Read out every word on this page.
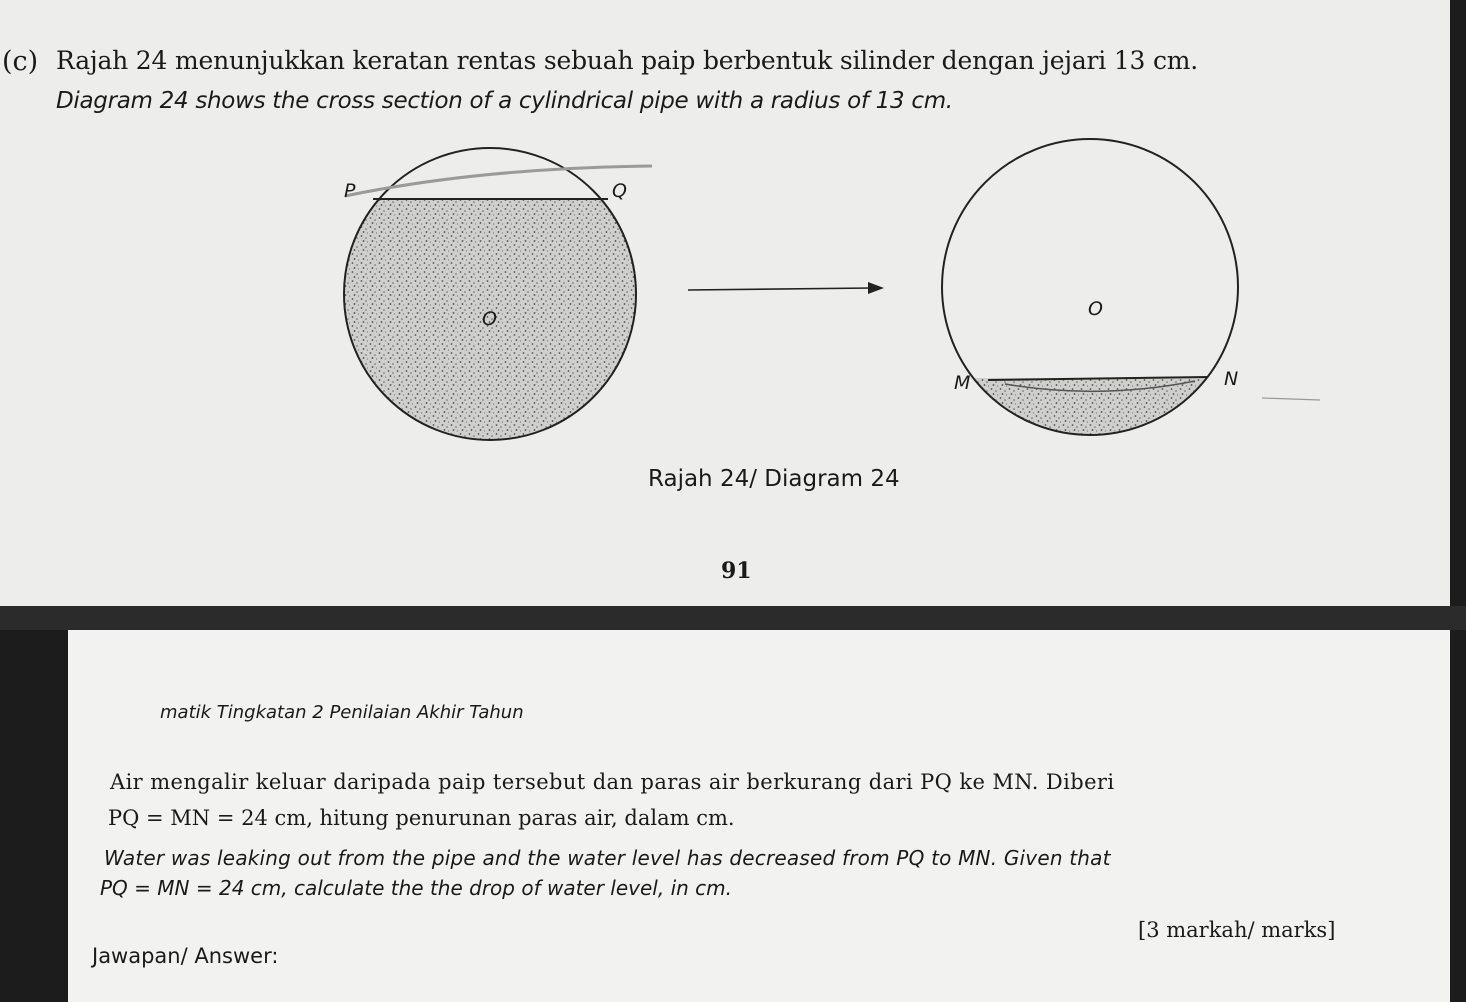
(c) Rajah 24 menunjukkan keratan rentas sebuah paip berbentuk silinder dengan jejari 13 cm.
Diagram 24 shows the cross section of a cylindrical pipe with a radius of 13 cm.
P	Q
O	O
M	N
Rajah 24/ Diagram 24
91
matik Tingkatan 2 Penilaian Akhir Tahun
Air mengalir keluar daripada paip tersebut dan paras air berkurang dari PQ ke MN. Diberi
PQ = MN = 24 cm, hitung penurunan paras air, dalam cm.
Water was leaking out from the pipe and the water level has decreased from PQ to MN. Given that
PQ = MN = 24 cm, calculate the the drop of water level, in cm.
[3 markah/ marks]
Jawapan/ Answer:
